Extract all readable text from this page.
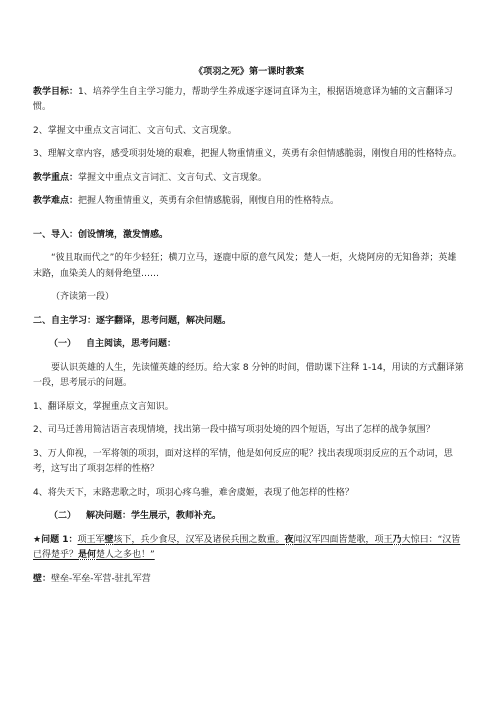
《项羽之死》第一课时教案

教学目标：1、培养学生自主学习能力，帮助学生养成逐字逐词直译为主，根据语境意译为辅的文言翻译习惯。

2、掌握文中重点文言词汇、文言句式、文言现象。

3、理解文章内容，感受项羽处境的艰难，把握人物重情重义，英勇有余但情感脆弱，刚愎自用的性格特点。

教学重点：掌握文中重点文言词汇、文言句式、文言现象。

教学难点：把握人物重情重义，英勇有余但情感脆弱，刚愎自用的性格特点。

一、导入：创设情境，激发情感。

“彼且取而代之”的年少轻狂；横刀立马，逐鹿中原的意气风发；楚人一炬，火烧阿房的无知鲁莽；英雄末路，血染美人的刻骨绝望……

（齐读第一段）

二、自主学习：逐字翻译，思考问题，解决问题。

（一） 自主阅读，思考问题：

要认识英雄的人生，先读懂英雄的经历。给大家 8 分钟的时间，借助课下注释 1-14，用读的方式翻译第一段，思考展示的问题。

1、翻译原文，掌握重点文言知识。

2、司马迁善用简洁语言表现情境，找出第一段中描写项羽处境的四个短语，写出了怎样的战争氛围？

3、万人仰视，一军将领的项羽，面对这样的军情，他是如何反应的呢？找出表现项羽反应的五个动词，思考，这写出了项羽怎样的性格？

4、将失天下，末路悲歌之时，项羽心疼乌骓，难舍虞姬，表现了他怎样的性格？

（二） 解决问题：学生展示，教师补充。

★问题 1：项王军壁垓下，兵少食尽，汉军及诸侯兵围之数重。夜闻汉军四面皆楚歌，项王乃大惊曰：“汉皆已得楚乎？是何楚人之多也！”

壁：壁垒-军垒-军营-驻扎军营
